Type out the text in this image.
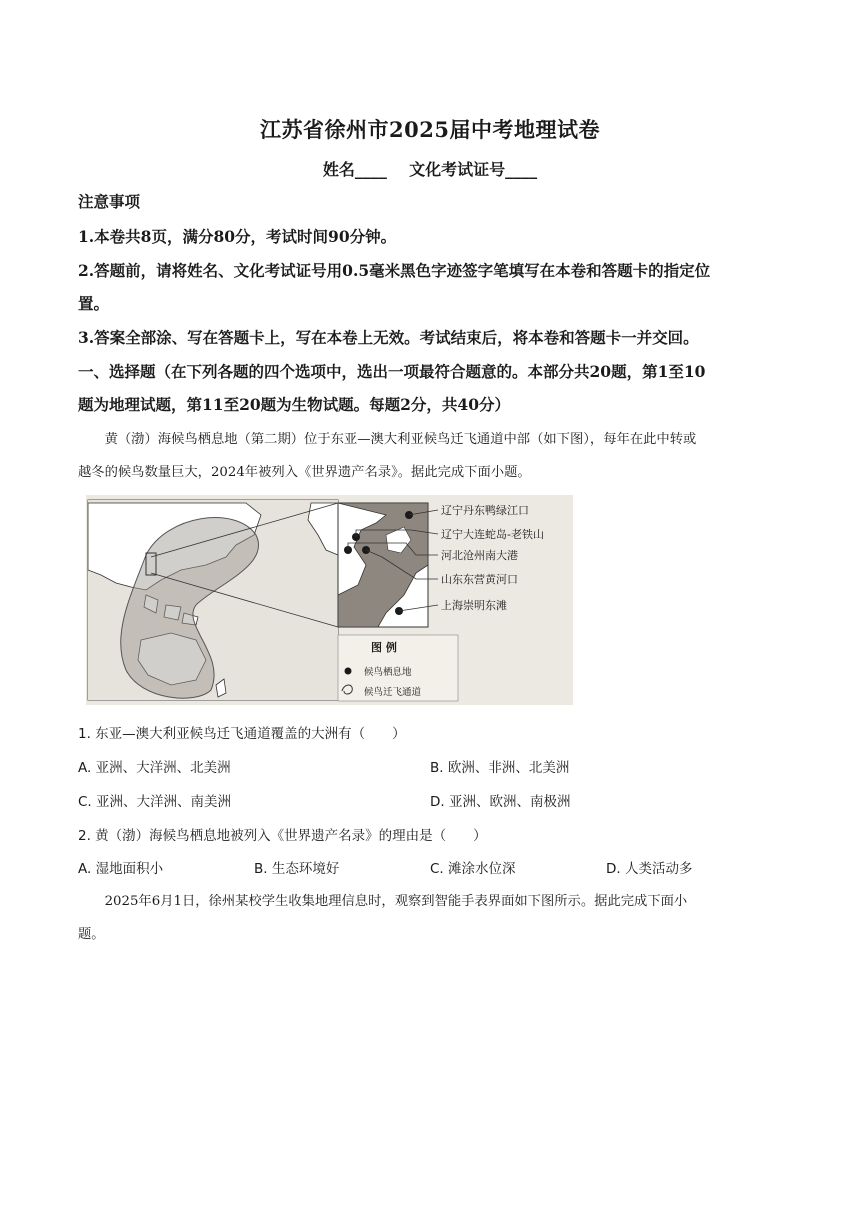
江苏省徐州市2025届中考地理试卷
姓名____    文化考试证号____
注意事项
1.本卷共8页，满分80分，考试时间90分钟。
2.答题前，请将姓名、文化考试证号用0.5毫米黑色字迹签字笔填写在本卷和答题卡的指定位
置。
3.答案全部涂、写在答题卡上，写在本卷上无效。考试结束后，将本卷和答题卡一并交回。
一、选择题（在下列各题的四个选项中，选出一项最符合题意的。本部分共20题，第1至10
题为地理试题，第11至20题为生物试题。每题2分，共40分）
　　黄（渤）海候鸟栖息地（第二期）位于东亚—澳大利亚候鸟迁飞通道中部（如下图），每年在此中转或
越冬的候鸟数量巨大，2024年被列入《世界遗产名录》。据此完成下面小题。
辽宁丹东鸭绿江口
辽宁大连蛇岛-老铁山
河北沧州南大港
山东东营黄河口
上海崇明东滩
图 例
候鸟栖息地
候鸟迁飞通道
1. 东亚—澳大利亚候鸟迁飞通道覆盖的大洲有（　　）
A. 亚洲、大洋洲、北美洲	B. 欧洲、非洲、北美洲
C. 亚洲、大洋洲、南美洲	D. 亚洲、欧洲、南极洲
2. 黄（渤）海候鸟栖息地被列入《世界遗产名录》的理由是（　　）
A. 湿地面积小	B. 生态环境好	C. 滩涂水位深	D. 人类活动多
　　2025年6月1日，徐州某校学生收集地理信息时，观察到智能手表界面如下图所示。据此完成下面小
题。
